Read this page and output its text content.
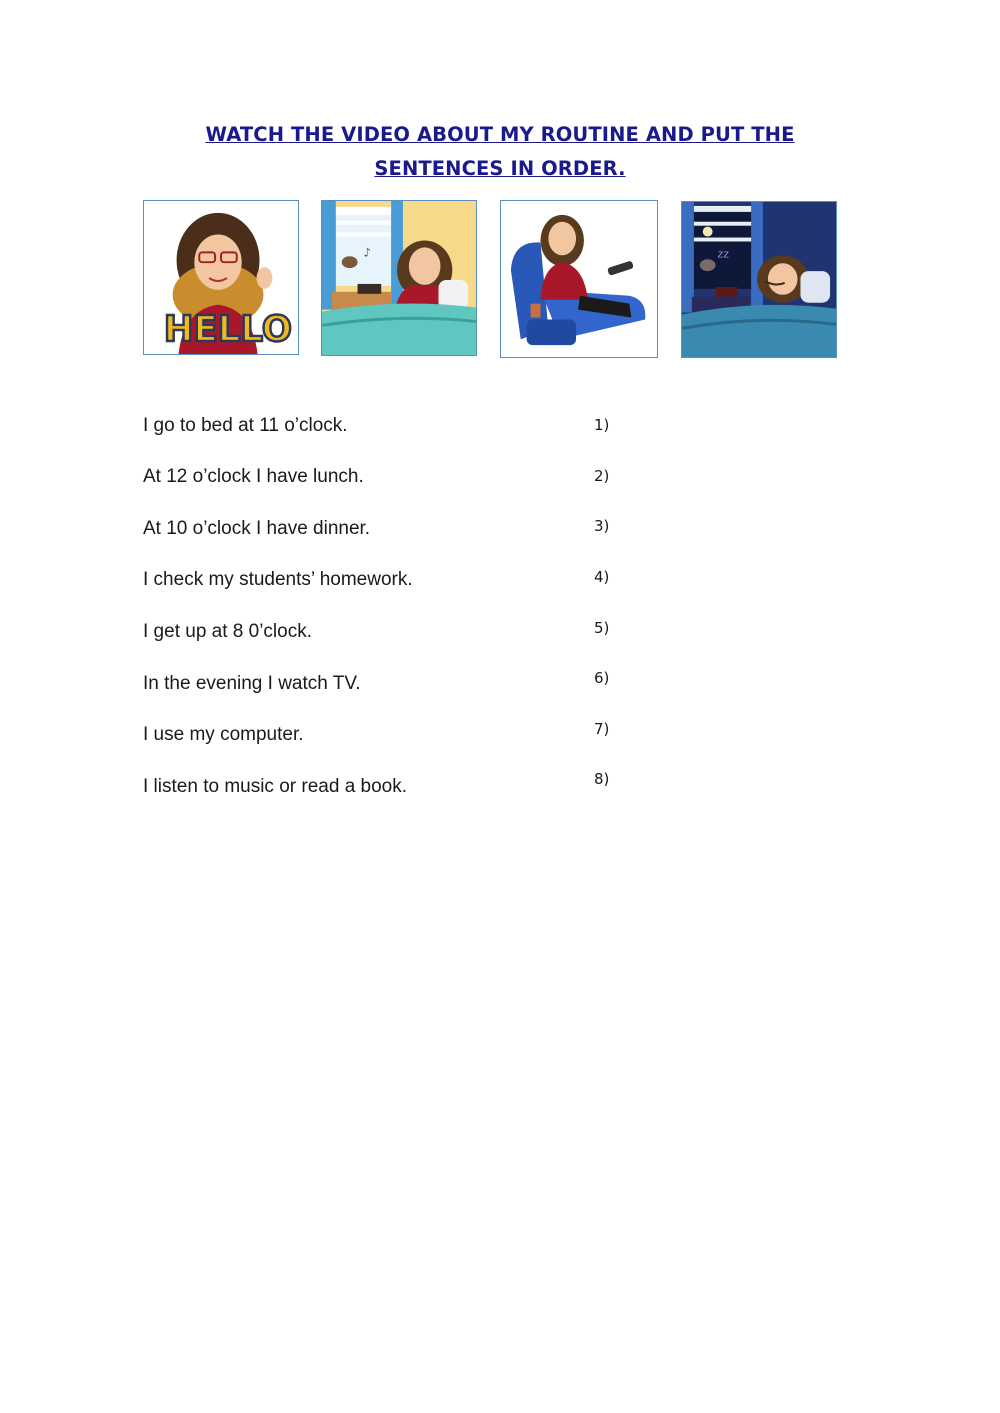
WATCH THE VIDEO ABOUT MY ROUTINE AND PUT THE
SENTENCES IN ORDER.
HELLO
♪	zz
I go to bed at 11 o’clock.
At 12 o’clock I have lunch.
At 10 o’clock I have dinner.
I check my students’ homework.
I get up at 8 0’clock.
In the evening I watch TV.
I use my computer.
I listen to music or read a book.
1)
2)
3)
4)
5)
6)
7)
8)
